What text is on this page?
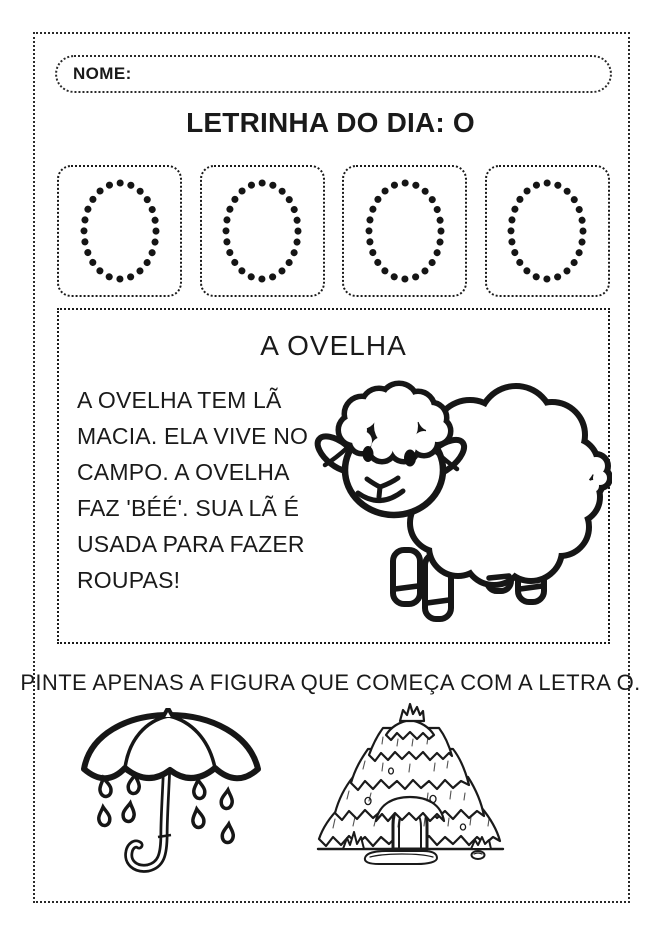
NOME:
LETRINHA DO DIA: O
A OVELHA
A OVELHA TEM LÃ
MACIA. ELA VIVE NO
CAMPO. A OVELHA
FAZ 'BÉÉ'. SUA LÃ É
USADA PARA FAZER
ROUPAS!
PINTE APENAS A FIGURA QUE COMEÇA COM A LETRA O.
